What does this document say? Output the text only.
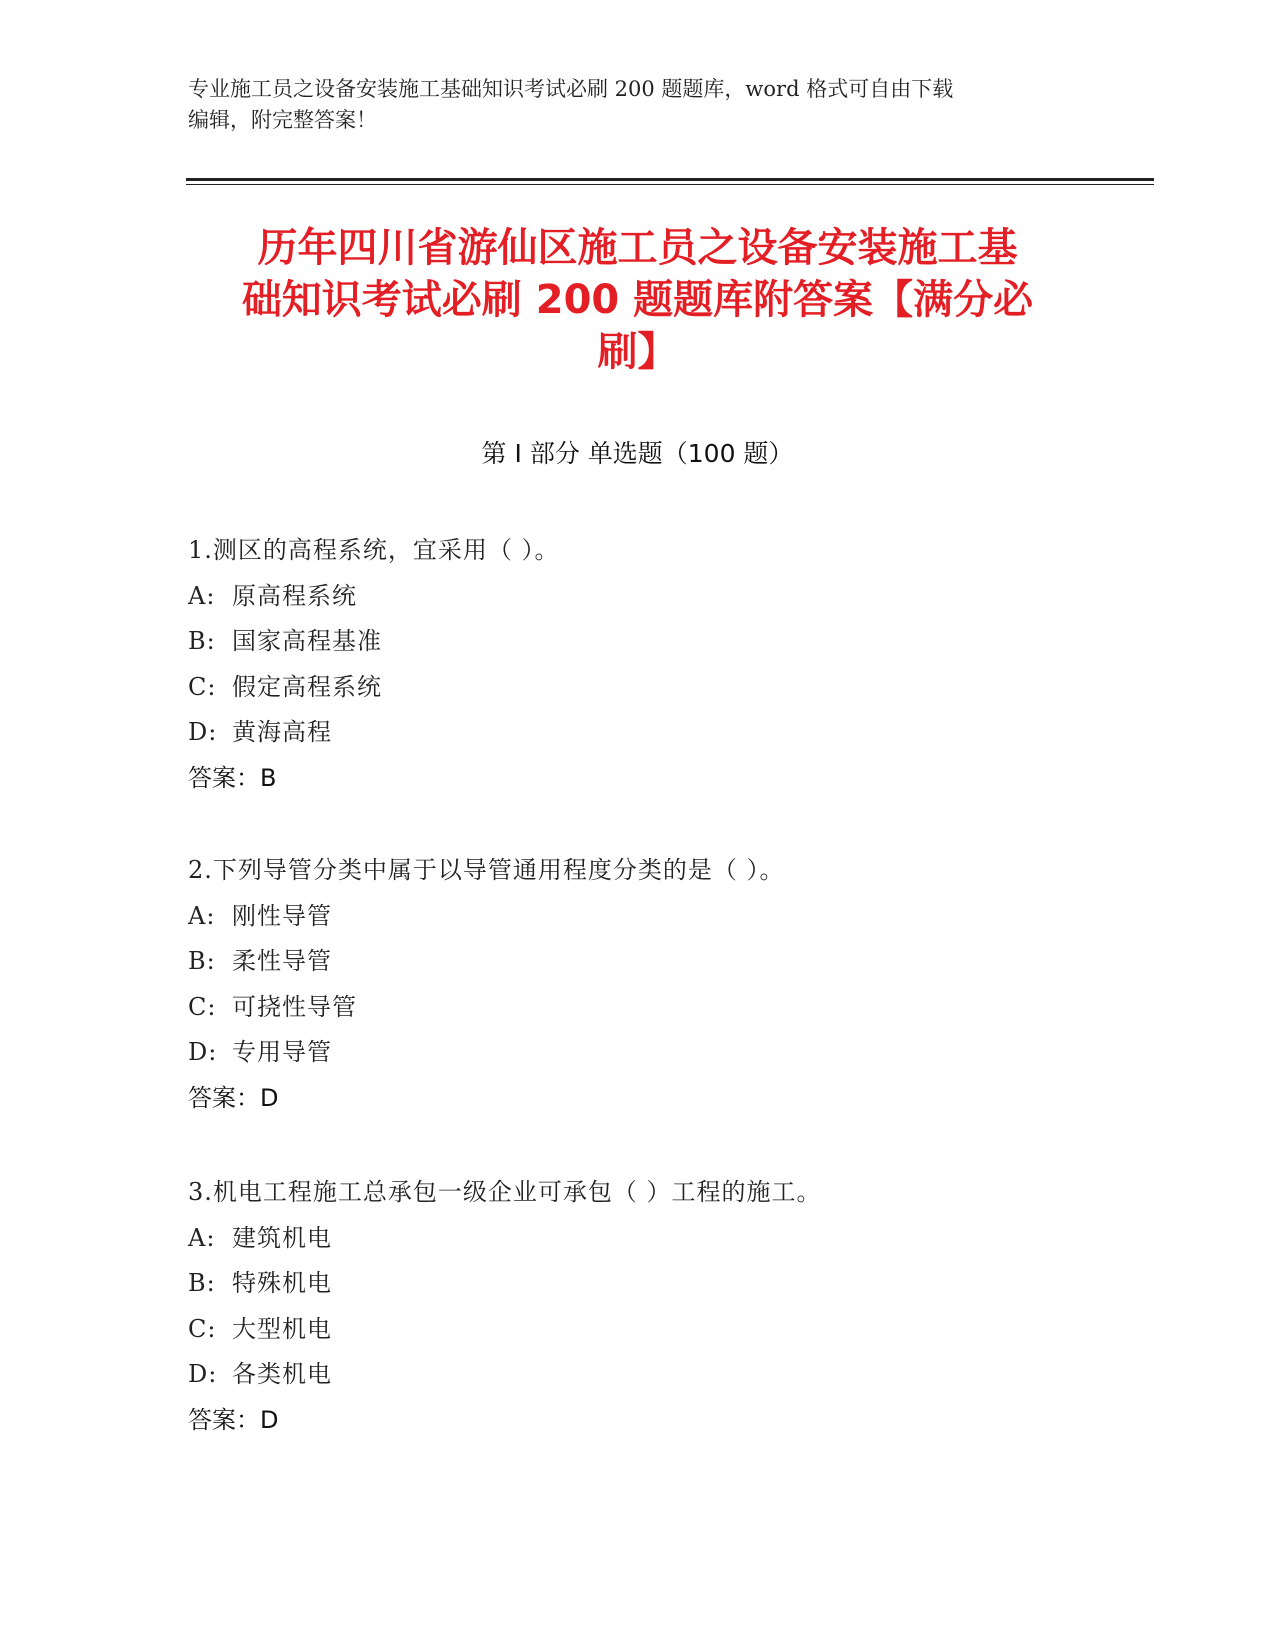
专业施工员之设备安装施工基础知识考试必刷 200 题题库，word 格式可自由下载
编辑，附完整答案！
历年四川省游仙区施工员之设备安装施工基
础知识考试必刷 200 题题库附答案【满分必
刷】
第 I 部分 单选题（100 题）
1.测区的高程系统，宜采用（ ）。
A: 原高程系统
B: 国家高程基准
C: 假定高程系统
D: 黄海高程
答案：B
2.下列导管分类中属于以导管通用程度分类的是（ ）。
A: 刚性导管
B: 柔性导管
C: 可挠性导管
D: 专用导管
答案：D
3.机电工程施工总承包一级企业可承包（ ）工程的施工。
A: 建筑机电
B: 特殊机电
C: 大型机电
D: 各类机电
答案：D
